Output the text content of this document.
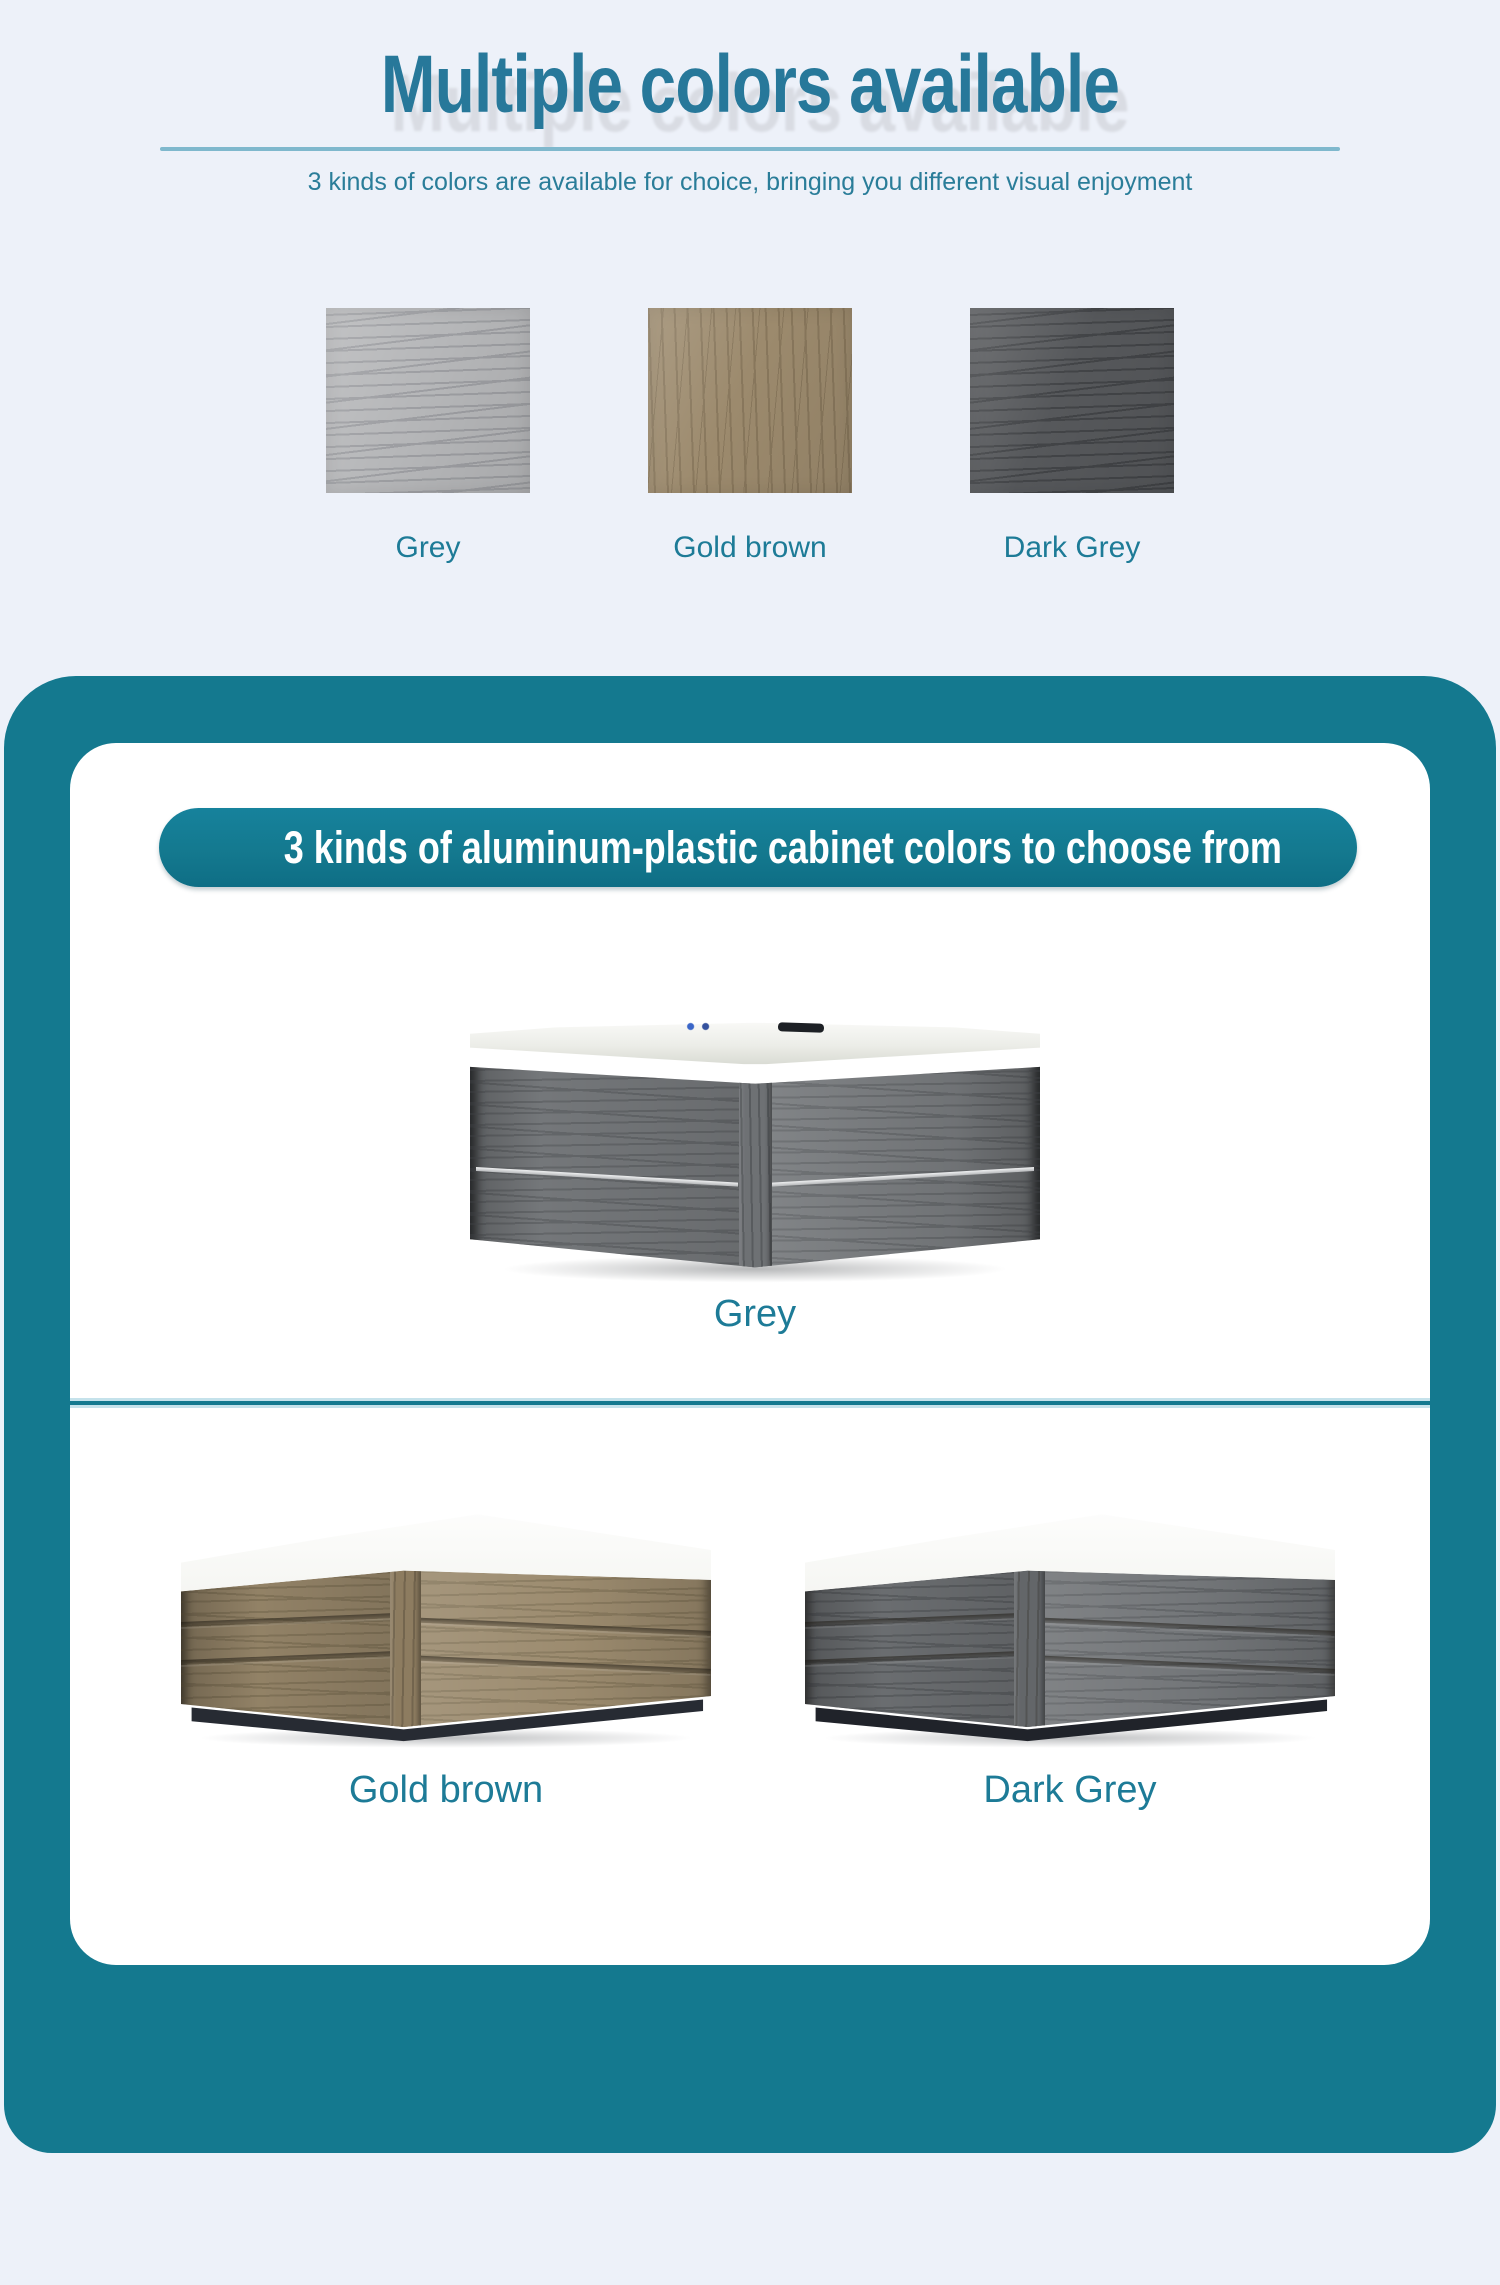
Multiple colors available

3 kinds of colors are available for choice, bringing you different visual enjoyment

Grey	Gold brown	Dark Grey
3 kinds of aluminum-plastic cabinet colors to choose from
Grey
Gold brown	Dark Grey
